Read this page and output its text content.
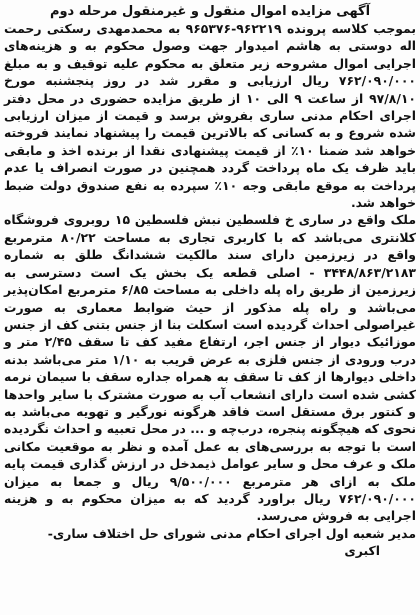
آگهی مزایده اموال منقول و غیرمنقول مرحله دوم

بموجب کلاسه پرونده ۹۶۲۲۱۹-۹۶۵۳۷۶ به محمدمهدی رسکتی رحمت اله دوستی به هاشم امیدوار جهت وصول محکوم به و هزینه‌های اجرایی اموال مشروحه زیر متعلق به محکوم علیه توقیف و به مبلغ ۷۶۲/۰۹۰/۰۰۰ ریال ارزیابی و مقرر شد در روز پنجشنبه مورخ ۹۷/۸/۱۰ از ساعت ۹ الی ۱۰ از طریق مزایده حضوری در محل دفتر اجرای احکام مدنی ساری بفروش برسد و قیمت از میزان ارزیابی شده شروع و به کسانی که بالاترین قیمت را پیشنهاد نمایند فروخته خواهد شد ضمنا ۱۰٪ از قیمت پیشنهادی نقدا از برنده اخذ و مابقی باید ظرف یک ماه پرداخت گردد همچنین در صورت انصراف یا عدم پرداخت به موقع مابقی وجه ۱۰٪ سپرده به نفع صندوق دولت ضبط خواهد شد.

ملک واقع در ساری خ فلسطین نبش فلسطین ۱۵ روبروی فروشگاه کلانتری می‌باشد که با کاربری تجاری به مساحت ۸۰/۲۲ مترمربع واقع در زیرزمین دارای سند مالکیت ششدانگ طلق به شماره ۳۴۴۸/۸۶۳/۲۱۸۳ - اصلی قطعه یک بخش یک است دسترسی به زیرزمین از طریق راه پله داخلی به مساحت ۶/۸۵ مترمربع امکان‌پذیر می‌باشد و راه پله مذکور از حیث ضوابط معماری به صورت غیراصولی احداث گردیده است اسکلت بنا از جنس بتنی کف از جنس موزائیک دیوار از جنس اجر، ارتفاع مفید کف تا سقف ۲/۴۵ متر و درب ورودی از جنس فلزی به عرض قریب به ۱/۱۰ متر می‌باشد بدنه داخلی دیوارها از کف تا سقف به همراه جداره سقف با سیمان نرمه کشی شده است دارای انشعاب آب به صورت مشترک با سایر واحدها و کنتور برق مستقل است فاقد هرگونه نورگیر و تهویه می‌باشد به نحوی که هیچگونه پنجره، درب‌چه و ... در محل تعبیه و احداث نگردیده است با توجه به بررسی‌های به عمل آمده و نظر به موقعیت مکانی ملک و عرف محل و سایر عوامل ذیمدخل در ارزش گذاری قیمت پایه ملک به ازای هر مترمربع ۹/۵۰۰/۰۰۰ ریال و جمعا به میزان ۷۶۲/۰۹۰/۰۰۰ ریال براورد گردید که به میزان محکوم به و هزینه اجرایی به فروش می‌رسد.

مدیر شعبه اول اجرای احکام مدنی شورای حل اختلاف ساری-

اکبری
